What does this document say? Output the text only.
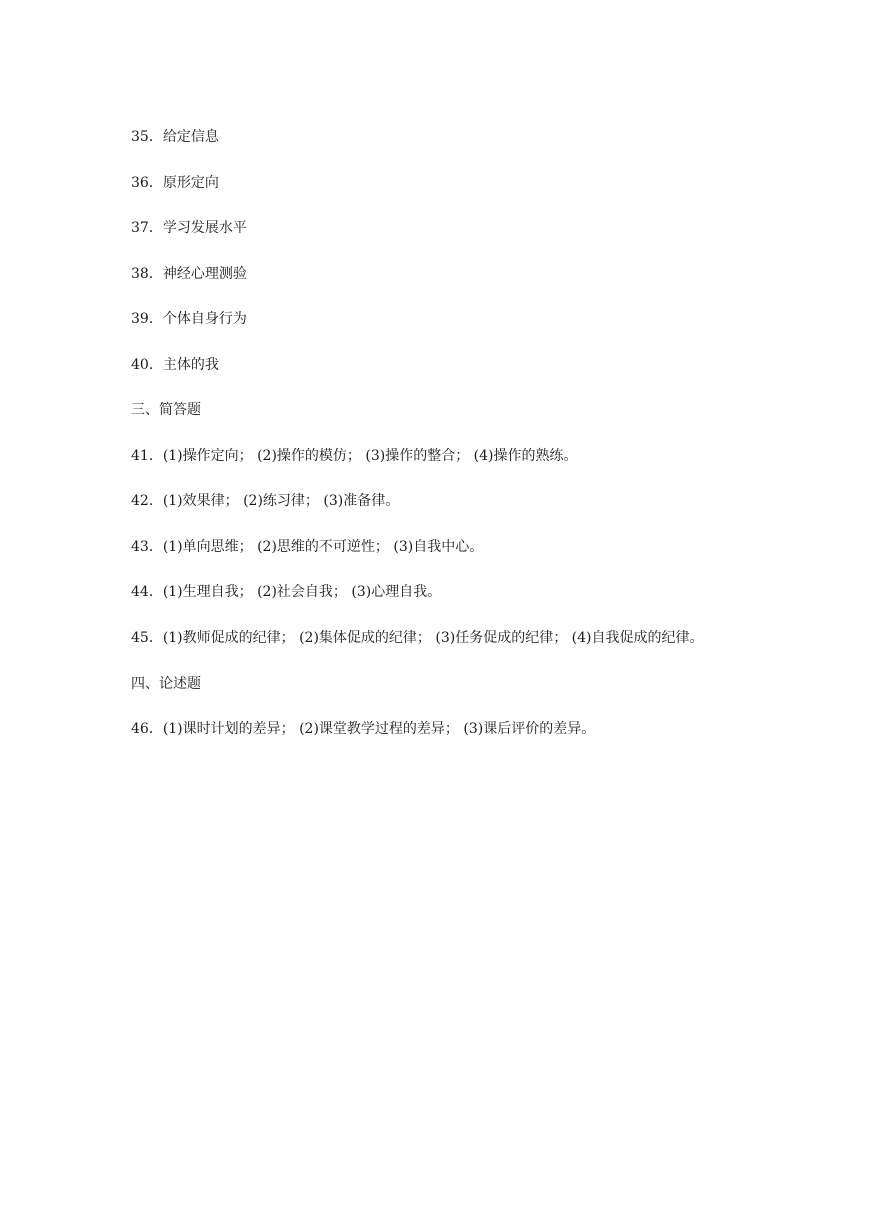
35．给定信息

36．原形定向

37．学习发展水平

38．神经心理测验

39．个体自身行为

40．主体的我

三、简答题

41．(1)操作定向； (2)操作的模仿； (3)操作的整合； (4)操作的熟练。

42．(1)效果律； (2)练习律； (3)准备律。

43．(1)单向思维； (2)思维的不可逆性； (3)自我中心。

44．(1)生理自我； (2)社会自我； (3)心理自我。

45．(1)教师促成的纪律； (2)集体促成的纪律； (3)任务促成的纪律； (4)自我促成的纪律。

四、论述题

46．(1)课时计划的差异； (2)课堂教学过程的差异； (3)课后评价的差异。
